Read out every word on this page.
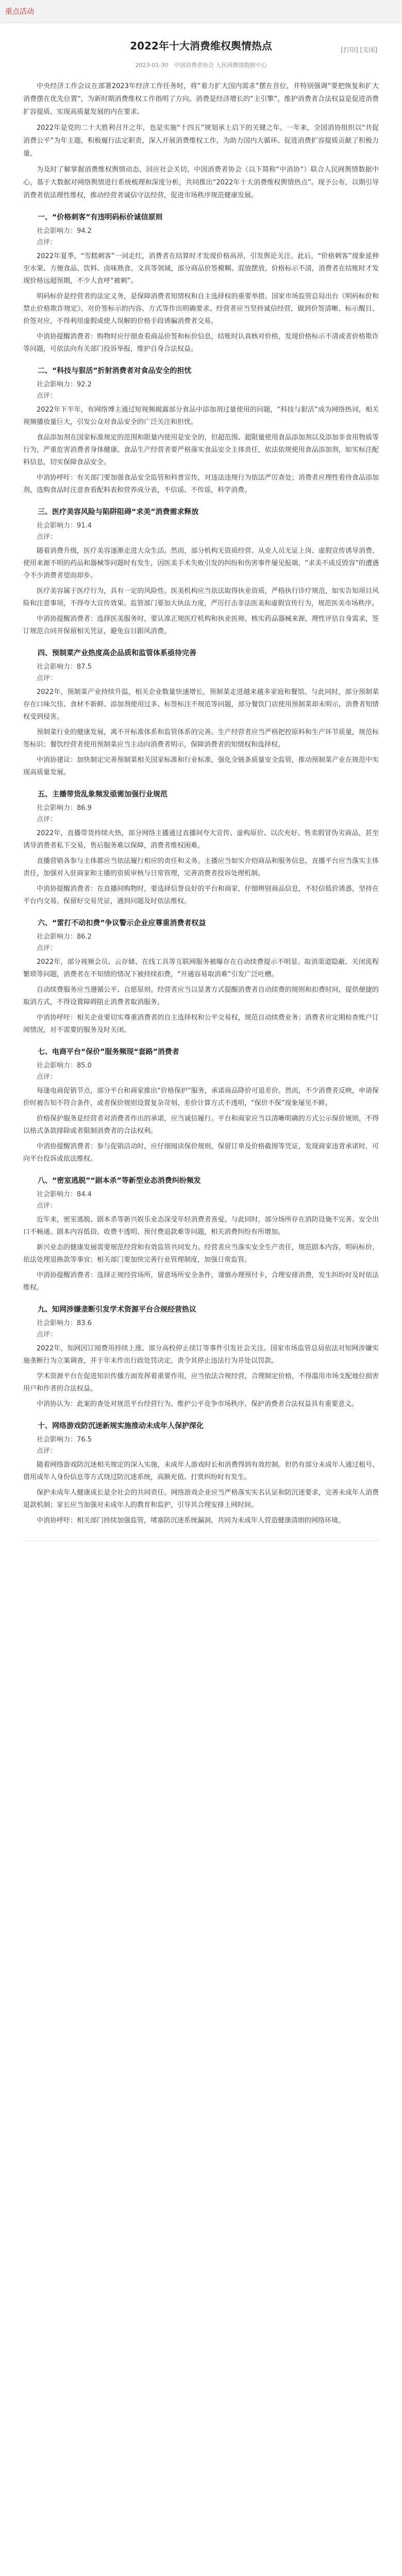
重点活动
2022年十大消费维权舆情热点
2023-01-30 中国消费者协会 人民网舆情数据中心

中央经济工作会议在部署2023年经济工作任务时，将“着力扩大国内需求”摆在首位，并特别强调“要把恢复和扩大消费摆在优先位置”，为新时期消费维权工作指明了方向。消费是经济增长的“主引擎”，维护消费者合法权益是促进消费扩容提质、实现高质量发展的内在要求。

2022年是党的二十大胜利召开之年，也是实施“十四五”规划承上启下的关键之年。一年来，全国消协组织以“共促消费公平”为年主题，积极履行法定职责，深入开展消费维权工作，为助力国内大循环、促进消费扩容提质贡献了积极力量。

为及时了解掌握消费维权舆情动态，回应社会关切，中国消费者协会（以下简称“中消协”）联合人民网舆情数据中心，基于大数据对网络舆情进行系统梳理和深度分析，共同推出“2022年十大消费维权舆情热点”。现予公布，以期引导消费者依法理性维权，推动经营者诚信守法经营，促进市场秩序规范健康发展。

一、“价格刺客”有违明码标价诚信原则

社会影响力：94.2

点评：

2022年夏季，“雪糕刺客”一词走红，消费者在结算时才发现价格高昂，引发舆论关注。此后，“价格刺客”现象延伸至水果、方便食品、饮料、卤味熟食、文具等领域，部分商品价签模糊、混放摆放，价格标示不清，消费者在结账时才发现价格远超预期，不少人直呼“被刺”。

明码标价是经营者的法定义务，是保障消费者知情权和自主选择权的重要举措。国家市场监管总局出台《明码标价和禁止价格欺诈规定》，对价签标示的内容、方式等作出明确要求。经营者应当坚持诚信经营，做到价签清晰、标示醒目、价签对应，不得利用虚假或使人误解的价格手段诱骗消费者交易。

中消协提醒消费者：购物时应仔细查看商品价签和标价信息，结账时认真核对价格，发现价格标示不清或者价格欺诈等问题，可依法向有关部门投诉举报，维护自身合法权益。

二、“科技与狠活”折射消费者对食品安全的担忧

社会影响力：92.2

点评：

2022年下半年，有网络博主通过短视频揭露部分食品中添加剂过量使用的问题，“科技与狠活”成为网络热词，相关视频播放量巨大，引发公众对食品安全的广泛关注和担忧。

食品添加剂在国家标准规定的范围和限量内使用是安全的，但超范围、超限量使用食品添加剂以及添加非食用物质等行为，严重危害消费者身体健康。食品生产经营者要严格落实食品安全主体责任，依法依规使用食品添加剂，如实标注配料信息，切实保障食品安全。

中消协呼吁：有关部门要加强食品安全监管和科普宣传，对违法违规行为依法严厉查处；消费者应理性看待食品添加剂，选购食品时注意查看配料表和营养成分表，不信谣、不传谣，科学消费。

三、医疗美容风险与陷阱阻碍“求美”消费需求释放

社会影响力：91.4

点评：

随着消费升级，医疗美容逐渐走进大众生活。然而，部分机构无资质经营、从业人员无证上岗、虚假宣传诱导消费、使用来源不明的药品和器械等问题时有发生，因医美手术失败引发的纠纷和伤害事件屡见报端，“求美不成反毁容”的遭遇令不少消费者望而却步。

医疗美容属于医疗行为，具有一定的风险性。医美机构应当依法取得执业资质，严格执行诊疗规范，如实告知项目风险和注意事项，不得夸大宣传效果。监管部门要加大执法力度，严厉打击非法医美和虚假宣传行为，规范医美市场秩序。

中消协提醒消费者：选择医美服务时，要认准正规医疗机构和执业医师，核实药品器械来源，理性评估自身需求，签订规范合同并保留相关凭证，避免盲目跟风消费。

四、预制菜产业热度高企品质和监管体系亟待完善

社会影响力：87.5

点评：

2022年，预制菜产业持续升温，相关企业数量快速增长，预制菜走进越来越多家庭和餐馆。与此同时，部分预制菜存在口味欠佳、食材不新鲜、添加剂使用过多、标签标注不规范等问题，部分餐饮门店使用预制菜却未明示，消费者知情权受到侵害。

预制菜行业的健康发展，离不开标准体系和监管体系的完善。生产经营者应当严格把控原料和生产环节质量，规范标签标识；餐饮经营者使用预制菜应当主动向消费者明示，保障消费者的知情权和选择权。

中消协建议：加快制定完善预制菜相关国家标准和行业标准，强化全链条质量安全监管，推动预制菜产业在规范中实现高质量发展。

五、主播带货乱象频发亟需加强行业规范

社会影响力：86.9

点评：

2022年，直播带货持续火热，部分网络主播通过直播间夸大宣传、虚构原价、以次充好、售卖假冒伪劣商品，甚至诱导消费者私下交易，售后服务难以保障，消费者维权困难。

直播营销各参与主体都应当依法履行相应的责任和义务。主播应当如实介绍商品和服务信息，直播平台应当落实主体责任，加强对入驻商家和主播的资质审核与日常管理，完善消费者投诉处理机制。

中消协提醒消费者：在直播间购物时，要选择信誉良好的平台和商家，仔细辨别商品信息，不轻信低价诱惑，坚持在平台内交易，保留好交易凭证，遇到问题及时依法维权。

六、“雷打不动扣费”争议警示企业应尊重消费者权益

社会影响力：86.2

点评：

2022年，部分视频会员、云存储、在线工具等互联网服务被曝存在自动续费提示不明显、取消渠道隐蔽、关闭流程繁琐等问题，消费者在不知情的情况下被持续扣费，“开通容易取消难”引发广泛吐槽。

自动续费服务应当遵循公平、自愿原则。经营者应当以显著方式提醒消费者自动续费的规则和扣费时间，提供便捷的取消方式，不得设置障碍阻止消费者取消服务。

中消协呼吁：相关企业要切实尊重消费者的自主选择权和公平交易权，规范自动续费业务；消费者应定期检查账户订阅情况，对不需要的服务及时关闭。

七、电商平台“保价”服务频现“套路”消费者

社会影响力：85.0

点评：

每逢电商促销节点，部分平台和商家推出“价格保护”服务，承诺商品降价可退差价。然而，不少消费者反映，申请保价时被告知不符合条件，或者保价规则设置复杂苛刻、差价计算方式不透明，“保价不保”现象屡见不鲜。

价格保护服务是经营者对消费者作出的承诺，应当诚信履行。平台和商家应当以清晰明确的方式公示保价规则，不得以格式条款排除或者限制消费者的合法权利。

中消协提醒消费者：参与促销活动时，应仔细阅读保价规则，保留订单及价格截图等凭证，发现商家违背承诺时，可向平台投诉或依法维权。

八、“密室逃脱”“剧本杀”等新型业态消费纠纷频发

社会影响力：84.4

点评：

近年来，密室逃脱、剧本杀等新兴娱乐业态深受年轻消费者喜爱。与此同时，部分场所存在消防设施不完善、安全出口不畅通、剧本内容低俗、收费不透明、预付费退款难等问题，相关消费纠纷有所增加。

新兴业态的健康发展需要规范经营和有效监管共同发力。经营者应当落实安全生产责任，规范剧本内容，明码标价，依法处理退换款等事宜；相关部门要加快完善行业管理制度，加强日常监管。

中消协提醒消费者：选择正规经营场所，留意场所安全条件，谨慎办理预付卡，合理安排消费，发生纠纷时及时依法维权。

九、知网涉嫌垄断引发学术资源平台合规经营热议

社会影响力：83.6

点评：

2022年，知网因订阅费用持续上涨、部分高校停止续订等事件引发社会关注。国家市场监管总局依法对知网涉嫌实施垄断行为立案调查，并于年末作出行政处罚决定，责令其停止违法行为并处以罚款。

学术资源平台在促进知识传播方面发挥着重要作用，应当依法合规经营，合理制定价格，不得滥用市场支配地位损害用户和作者的合法权益。

中消协认为：此案的查处对规范平台经营行为、维护公平竞争市场秩序、保护消费者合法权益具有重要意义。

十、网络游戏防沉迷新规实施推动未成年人保护深化

社会影响力：76.5

点评：

随着网络游戏防沉迷相关规定的深入实施，未成年人游戏时长和消费得到有效控制。但仍有部分未成年人通过租号、借用成年人身份信息等方式绕过防沉迷系统，高额充值、打赏纠纷时有发生。

保护未成年人健康成长是全社会的共同责任。网络游戏企业应当严格落实实名认证和防沉迷要求，完善未成年人消费退款机制；家长应当加强对未成年人的教育和监护，引导其合理安排上网时间。

中消协呼吁：相关部门持续加强监管，堵塞防沉迷系统漏洞，共同为未成年人营造健康清朗的网络环境。

[打印] [关闭]
